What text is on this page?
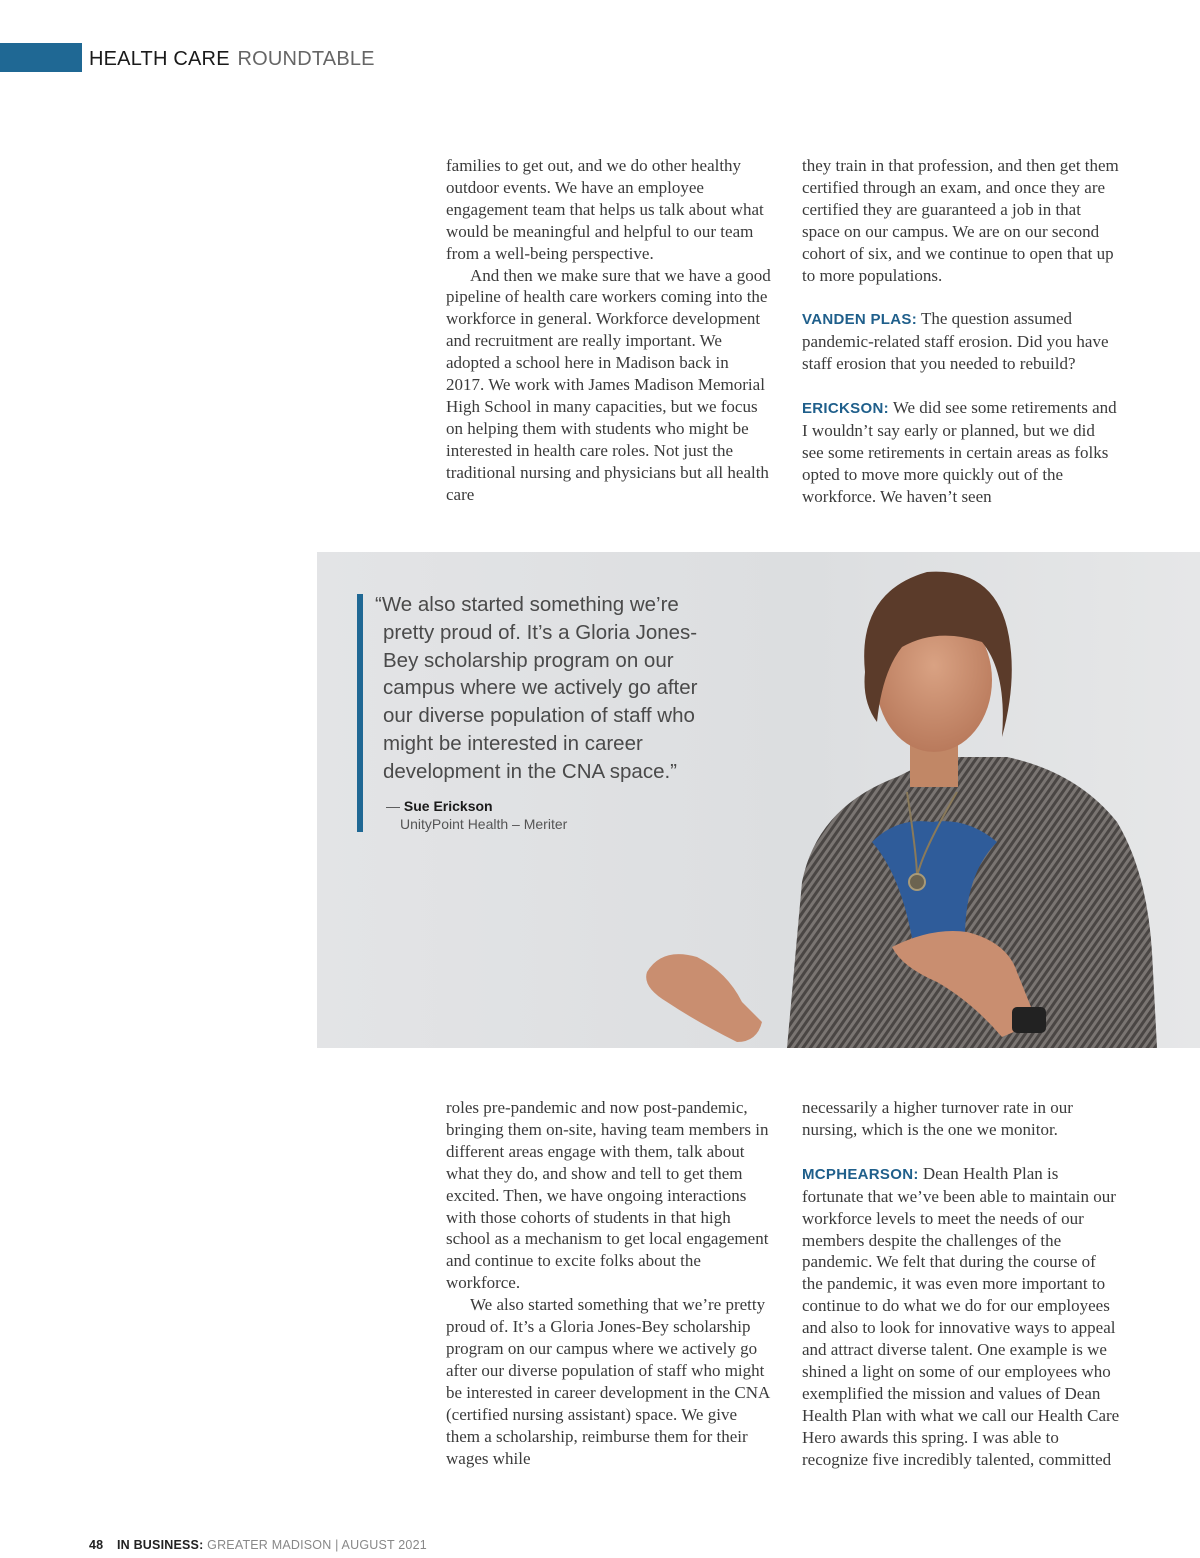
HEALTH CARE ROUNDTABLE

families to get out, and we do other healthy outdoor events. We have an employee engagement team that helps us talk about what would be meaningful and helpful to our team from a well-being perspective.

And then we make sure that we have a good pipeline of health care workers coming into the workforce in general. Workforce development and recruitment are really important. We adopted a school here in Madison back in 2017. We work with James Madison Memorial High School in many capacities, but we focus on helping them with students who might be interested in health care roles. Not just the traditional nursing and physicians but all health care

they train in that profession, and then get them certified through an exam, and once they are certified they are guaranteed a job in that space on our campus. We are on our second cohort of six, and we continue to open that up to more populations.

VANDEN PLAS: The question assumed pandemic-related staff erosion. Did you have staff erosion that you needed to rebuild?

ERICKSON: We did see some retirements and I wouldn’t say early or planned, but we did see some retirements in certain areas as folks opted to move more quickly out of the workforce. We haven’t seen

“We also started something we’re pretty proud of. It’s a Gloria Jones-Bey scholarship program on our campus where we actively go after our diverse population of staff who might be interested in career development in the CNA space.”
— Sue Erickson
UnityPoint Health – Meriter

roles pre-pandemic and now post-pandemic, bringing them on-site, having team members in different areas engage with them, talk about what they do, and show and tell to get them excited. Then, we have ongoing interactions with those cohorts of students in that high school as a mechanism to get local engagement and continue to excite folks about the workforce.

We also started something that we’re pretty proud of. It’s a Gloria Jones-Bey scholarship program on our campus where we actively go after our diverse population of staff who might be interested in career development in the CNA (certified nursing assistant) space. We give them a scholarship, reimburse them for their wages while

necessarily a higher turnover rate in our nursing, which is the one we monitor.

MCPHEARSON: Dean Health Plan is fortunate that we’ve been able to maintain our workforce levels to meet the needs of our members despite the challenges of the pandemic. We felt that during the course of the pandemic, it was even more important to continue to do what we do for our employees and also to look for innovative ways to appeal and attract diverse talent. One example is we shined a light on some of our employees who exemplified the mission and values of Dean Health Plan with what we call our Health Care Hero awards this spring. I was able to recognize five incredibly talented, committed

48 IN BUSINESS: GREATER MADISON | AUGUST 2021
